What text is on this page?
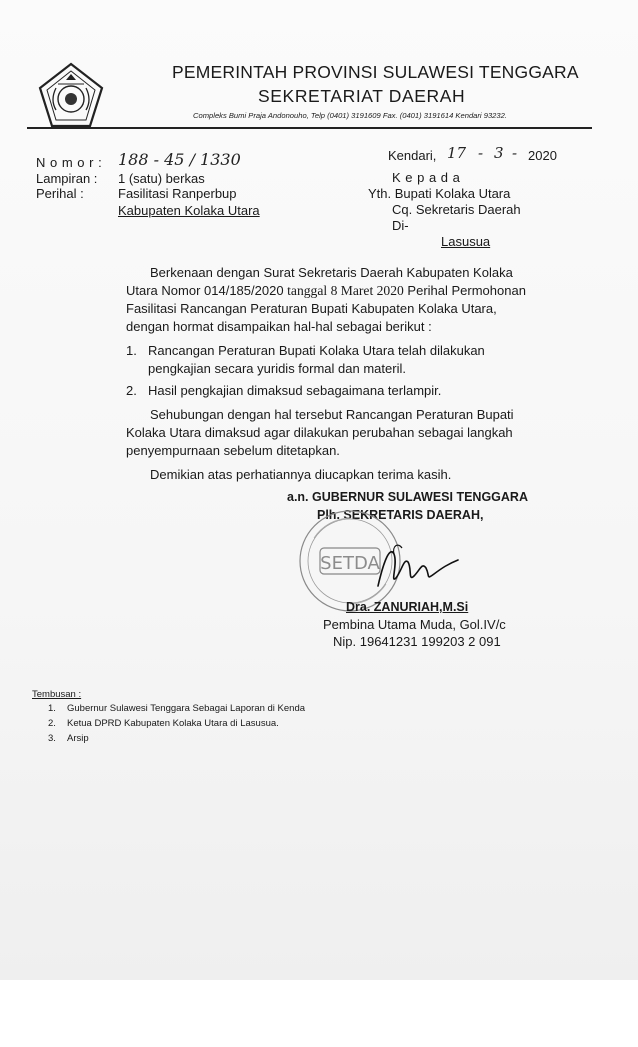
PEMERINTAH PROVINSI SULAWESI TENGGARA
SEKRETARIAT DAERAH
Compleks Bumi Praja Andonouho, Telp (0401) 3191609 Fax. (0401) 3191614 Kendari 93232.
N o m o r : 188 - 45 / 1330
Lampiran : 1 (satu) berkas
Perihal :	Fasilitasi Ranperbup
Kabupaten Kolaka Utara
Kendari, 17 - 3 - 2020
K e p a d a
Yth. Bupati Kolaka Utara
Cq. Sekretaris Daerah
Di-
Lasusua
Berkenaan dengan Surat Sekretaris Daerah Kabupaten Kolaka
Utara Nomor 014/185/2020 tanggal 8 Maret 2020 Perihal Permohonan
Fasilitasi Rancangan Peraturan Bupati Kabupaten Kolaka Utara,
dengan hormat disampaikan hal-hal sebagai berikut :
1. Rancangan Peraturan Bupati Kolaka Utara telah dilakukan
pengkajian secara yuridis formal dan materil.
2. Hasil pengkajian dimaksud sebagaimana terlampir.
Sehubungan dengan hal tersebut Rancangan Peraturan Bupati
Kolaka Utara dimaksud agar dilakukan perubahan sebagai langkah
penyempurnaan sebelum ditetapkan.
Demikian atas perhatiannya diucapkan terima kasih.
a.n. GUBERNUR SULAWESI TENGGARA
Plh. SEKRETARIS DAERAH,
SETDA
Dra. ZANURIAH,M.Si
Pembina Utama Muda, Gol.IV/c
Nip. 19641231 199203 2 091
Tembusan :
1. Gubernur Sulawesi Tenggara Sebagai Laporan di Kenda
2. Ketua DPRD Kabupaten Kolaka Utara di Lasusua.
3. Arsip
